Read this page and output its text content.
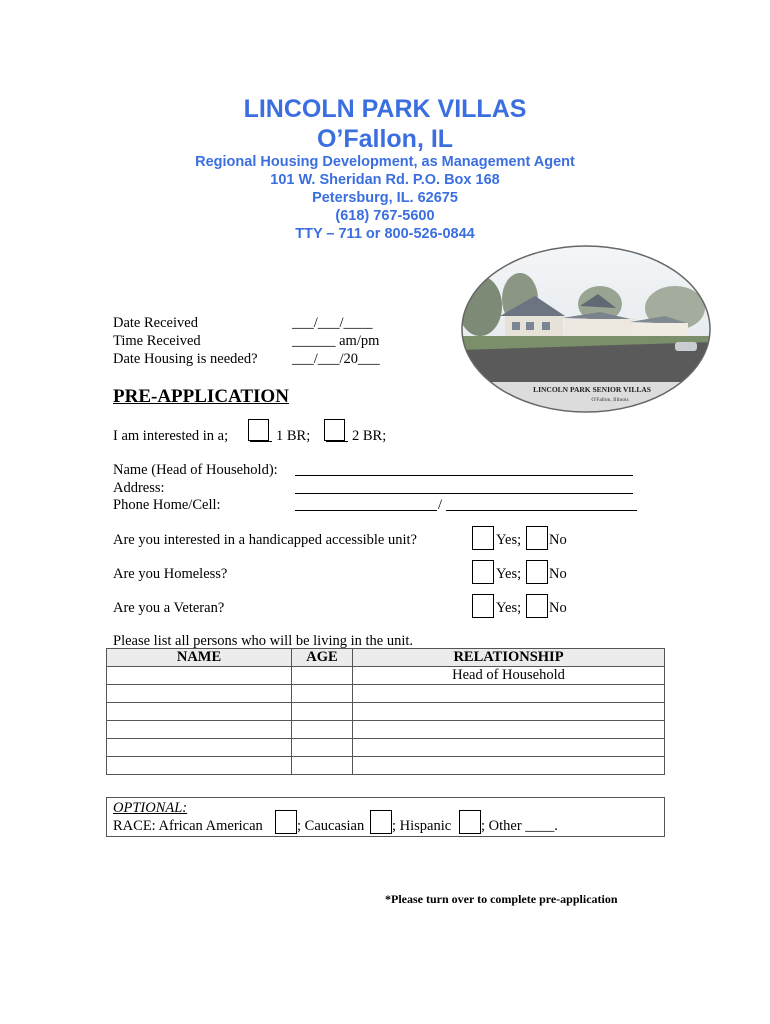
LINCOLN PARK VILLAS
O’Fallon, IL
Regional Housing Development, as Management Agent
101 W. Sheridan Rd. P.O. Box 168
Petersburg, IL. 62675
(618) 767-5600
TTY – 711 or 800-526-0844
LINCOLN PARK SENIOR VILLAS
O'Fallon, Illinois
Date Received	___/___/____
Time Received	______ am/pm
Date Housing is needed? ___/___/20___
PRE-APPLICATION
I am interested in a;	1 BR;	2 BR;
Name (Head of Household):
Address:
Phone Home/Cell:	/
Are you interested in a handicapped accessible unit?	Yes; No
Are you Homeless?	Yes; No
Are you a Veteran?	Yes; No
Please list all persons who will be living in the unit.
NAME	AGE	RELATIONSHIP
		Head of Household

OPTIONAL:
RACE: African American ; Caucasian ; Hispanic ; Other ____.
*Please turn over to complete pre-application
